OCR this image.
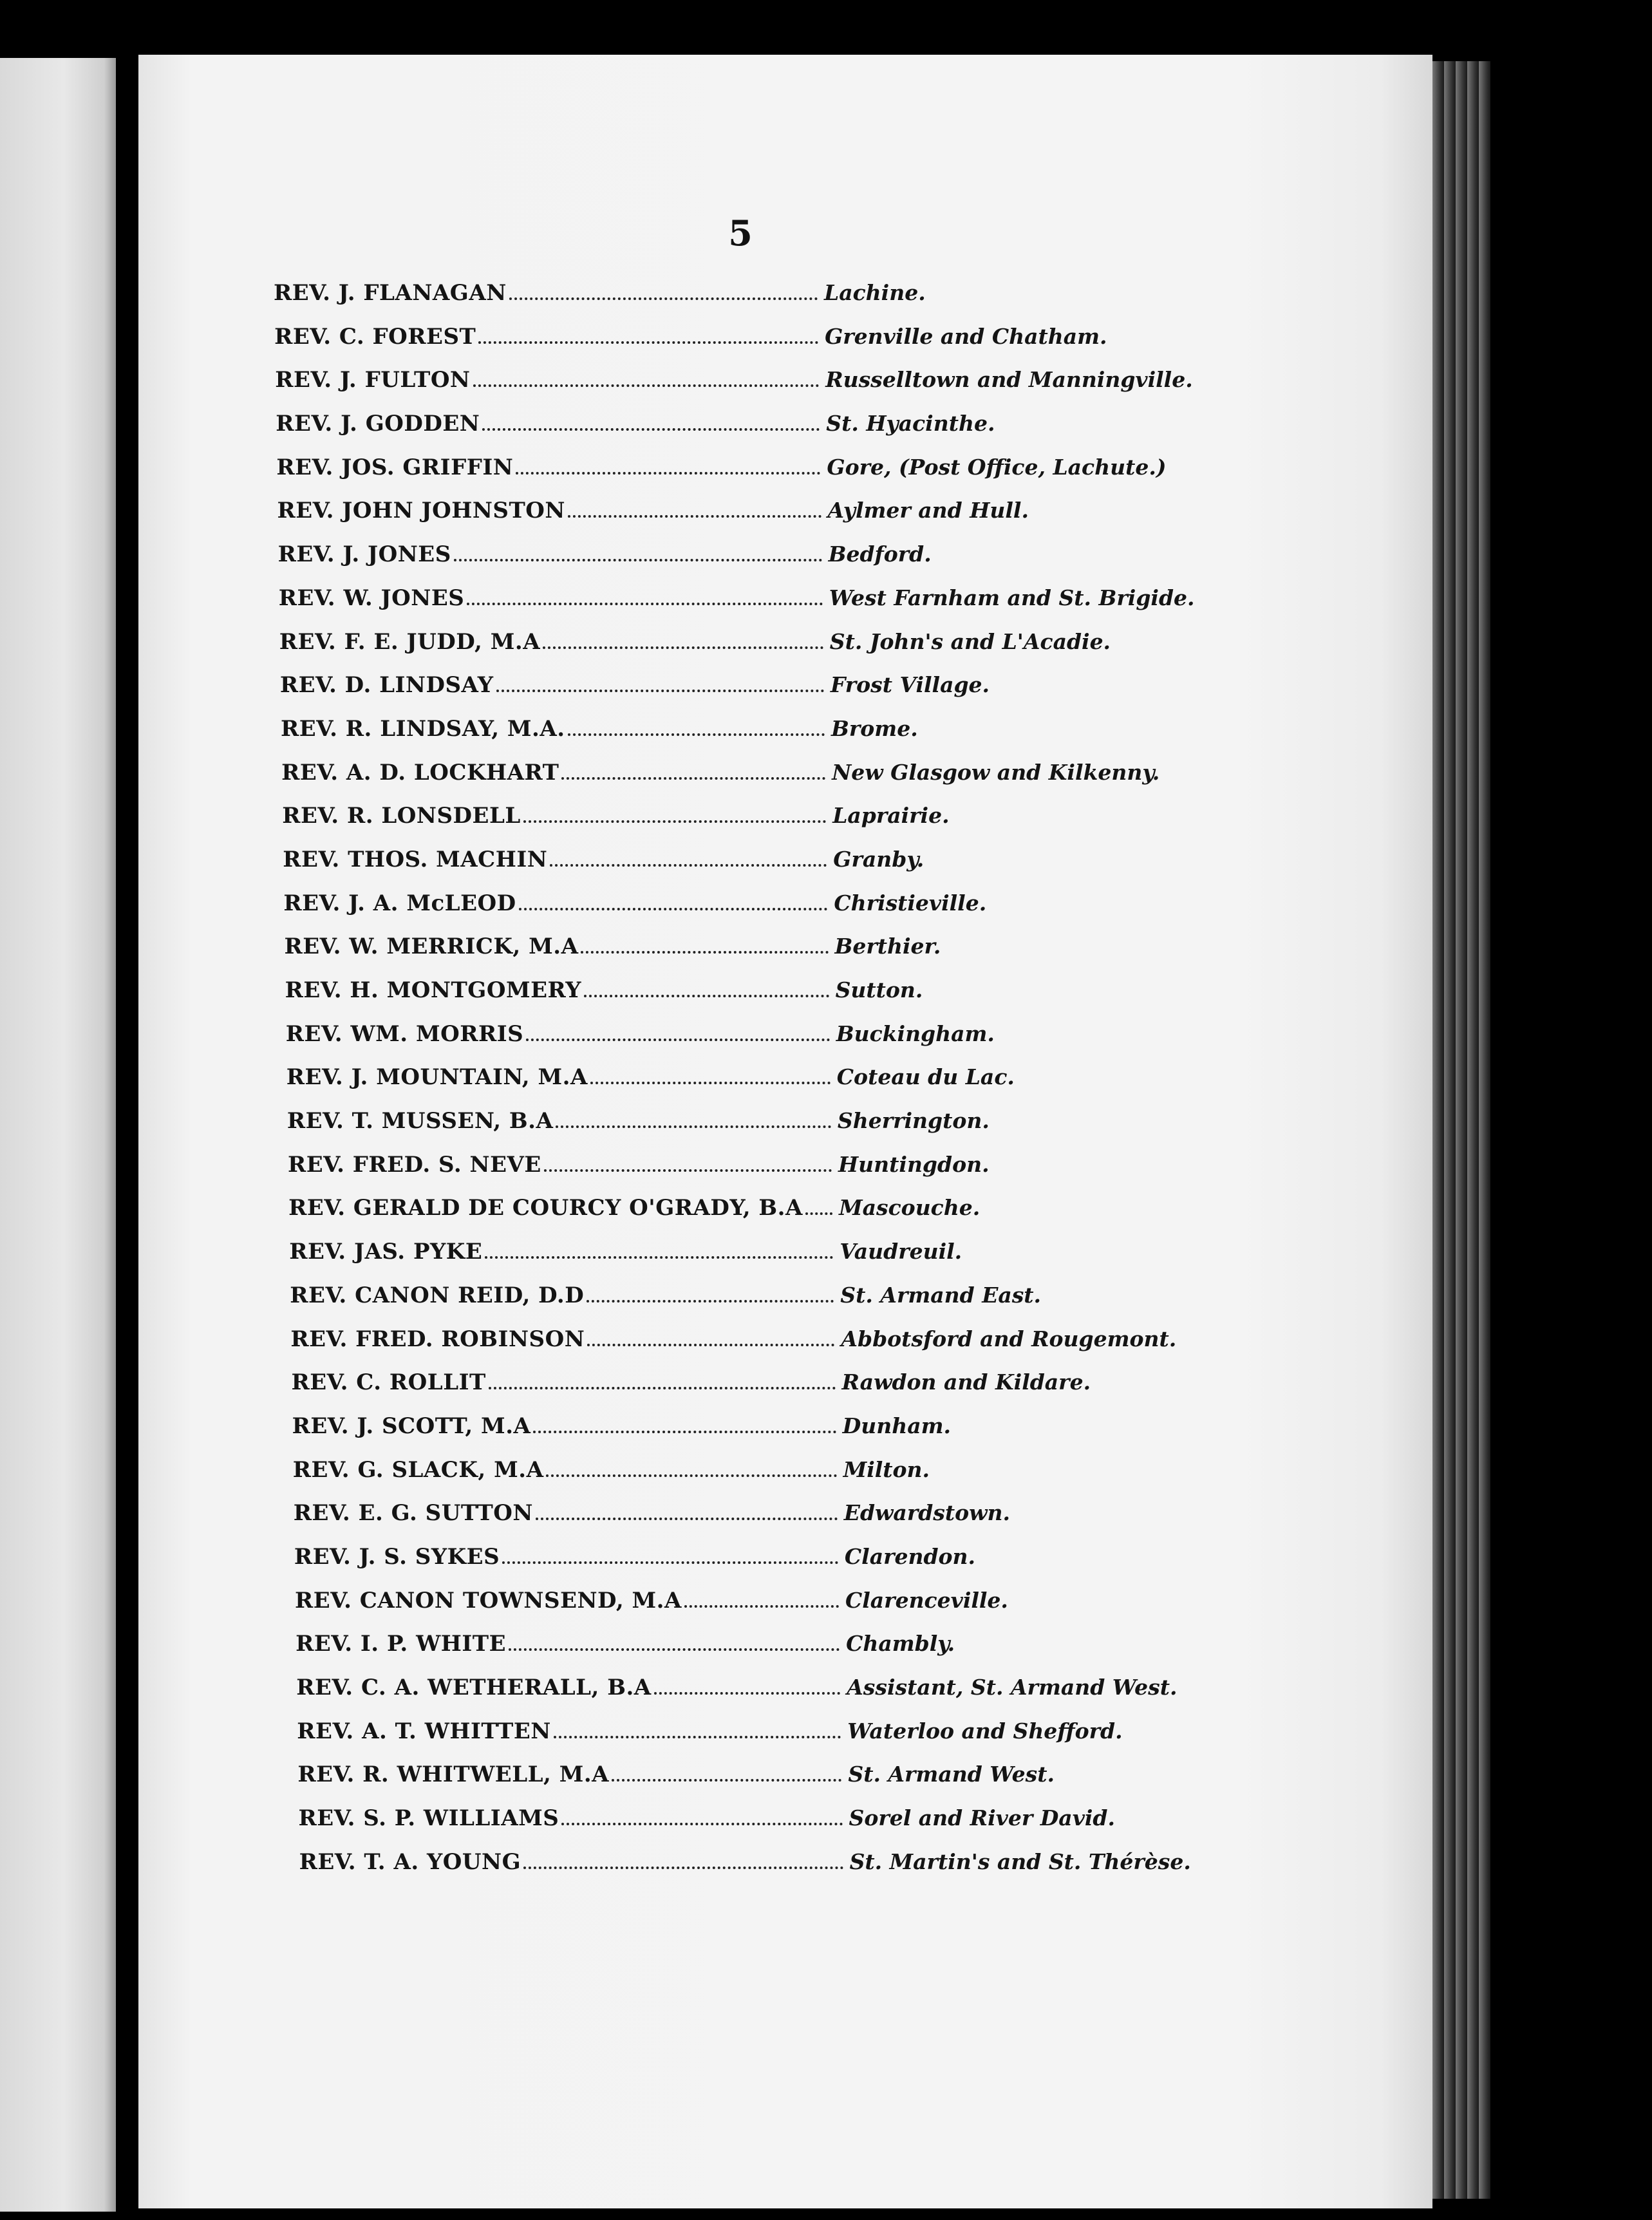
5
REV. J. FLANAGAN	Lachine.
REV. C. FOREST	Grenville and Chatham.
REV. J. FULTON	Russelltown and Manningville.
REV. J. GODDEN	St. Hyacinthe.
REV. JOS. GRIFFIN	Gore, (Post Office, Lachute.)
REV. JOHN JOHNSTON	Aylmer and Hull.
REV. J. JONES	Bedford.
REV. W. JONES	West Farnham and St. Brigide.
REV. F. E. JUDD, M.A	St. John's and L'Acadie.
REV. D. LINDSAY	Frost Village.
REV. R. LINDSAY, M.A.	Brome.
REV. A. D. LOCKHART	New Glasgow and Kilkenny.
REV. R. LONSDELL	Laprairie.
REV. THOS. MACHIN	Granby.
REV. J. A. McLEOD	Christieville.
REV. W. MERRICK, M.A	Berthier.
REV. H. MONTGOMERY	Sutton.
REV. WM. MORRIS	Buckingham.
REV. J. MOUNTAIN, M.A	Coteau du Lac.
REV. T. MUSSEN, B.A	Sherrington.
REV. FRED. S. NEVE	Huntingdon.
REV. GERALD DE COURCY O'GRADY, B.A Mascouche.
REV. JAS. PYKE	Vaudreuil.
REV. CANON REID, D.D	St. Armand East.
REV. FRED. ROBINSON	Abbotsford and Rougemont.
REV. C. ROLLIT	Rawdon and Kildare.
REV. J. SCOTT, M.A	Dunham.
REV. G. SLACK, M.A	Milton.
REV. E. G. SUTTON	Edwardstown.
REV. J. S. SYKES	Clarendon.
REV. CANON TOWNSEND, M.A	Clarenceville.
REV. I. P. WHITE	Chambly.
REV. C. A. WETHERALL, B.A	Assistant, St. Armand West.
REV. A. T. WHITTEN	Waterloo and Shefford.
REV. R. WHITWELL, M.A	St. Armand West.
REV. S. P. WILLIAMS	Sorel and River David.
REV. T. A. YOUNG	St. Martin's and St. Thérèse.
